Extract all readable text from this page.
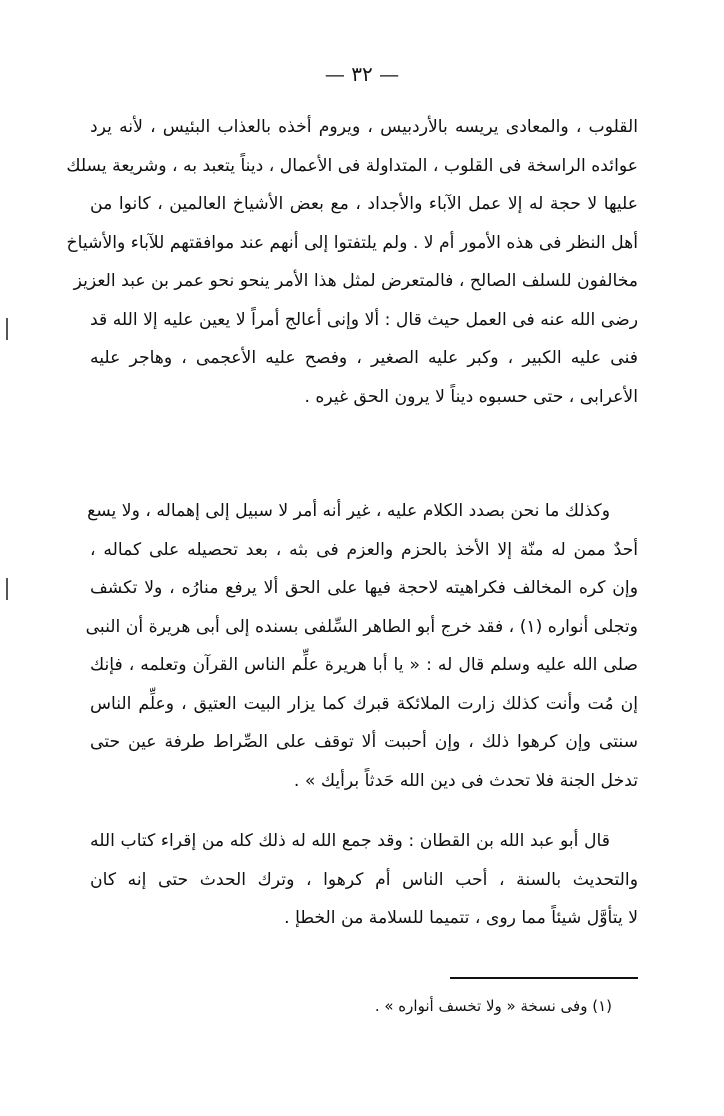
— ٣٢ —
القلوب ، والمعادى يريسه بالأردبيس ، ويروم أخذه بالعذاب البئيس ، لأنه يرد
عوائده الراسخة فى القلوب ، المتداولة فى الأعمال ، ديناً يتعبد به ، وشريعة يسلك
عليها لا حجة له إلا عمل الآباء والأجداد ، مع بعض الأشياخ العالمين ، كانوا من
أهل النظر فى هذه الأمور أم لا . ولم يلتفتوا إلى أنهم عند موافقتهم للآباء والأشياخ
مخالفون للسلف الصالح ، فالمتعرض لمثل هذا الأمر ينحو نحو عمر بن عبد العزيز
رضى الله عنه فى العمل حيث قال : ألا وإنى أعالج أمراً لا يعين عليه إلا الله قد
فنى عليه الكبير ، وكبر عليه الصغير ، وفصح عليه الأعجمى ، وهاجر عليه
الأعرابى ، حتى حسبوه ديناً لا يرون الحق غيره .
وكذلك ما نحن بصدد الكلام عليه ، غير أنه أمر لا سبيل إلى إهماله ، ولا يسع
أحدٌ ممن له منّة إلا الأخذ بالحزم والعزم فى بثه ، بعد تحصيله على كماله ،
وإن كره المخالف فكراهيته لاحجة فيها على الحق ألا يرفع منارُه ، ولا تكشف
وتجلى أنواره (١) ، فقد خرج أبو الطاهر السِّلفى بسنده إلى أبى هريرة أن النبى
صلى الله عليه وسلم قال له : « يا أبا هريرة علِّم الناس القرآن وتعلمه ، فإنك
إن مُت وأنت كذلك زارت الملائكة قبرك كما يزار البيت العتيق ، وعلِّم الناس
سنتى وإن كرهوا ذلك ، وإن أحببت ألا توقف على الصِّراط طرفة عين حتى
تدخل الجنة فلا تحدث فى دين الله حَدثاً برأيك » .
قال أبو عبد الله بن القطان : وقد جمع الله له ذلك كله من إقراء كتاب الله
والتحديث بالسنة ، أحب الناس أم كرهوا ، وترك الحدث حتى إنه كان
لا يتأوَّل شيئاً مما روى ، تتميما للسلامة من الخطإ .
(١) وفى نسخة « ولا تخسف أنواره » .
